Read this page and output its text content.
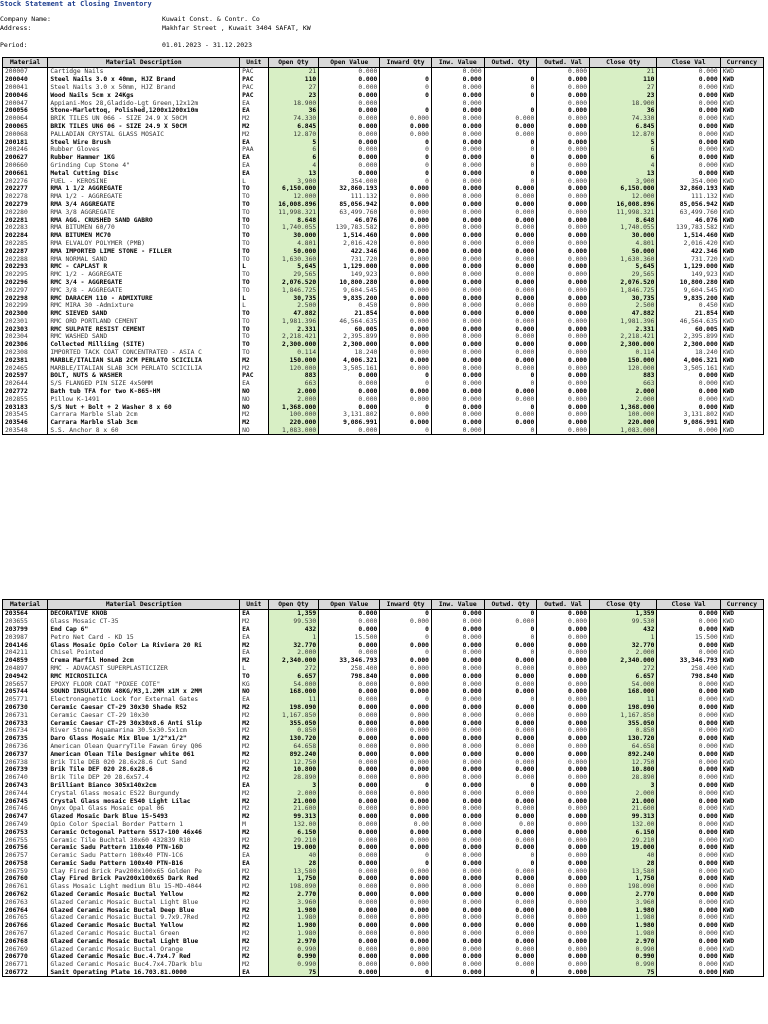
Stock Statement at Closing Inventory
Company Name:	Kuwait Const. & Contr. Co
Address:	Makhfar Street , Kuwait 3404 SAFAT, KW
Period:	01.01.2023 - 31.12.2023
Material	Material Description	Unit	Open Qty	Open Value	Inward Qty	Inw. Value	Outwd. Qty	Outwd. Val	Close Qty	Close Val	Currency
200007	Cartidge Nails	PAC	21	0.000		0.000		0.000	21	0.000	KWD
200040	Steel Nails 3.0 x 40mm, HJZ Brand	PAC	110	0.000	0	0.000	0	0.000	110	0.000	KWD
200041	Steel Nails 3.0 x 50mm, HJZ Brand	PAC	27	0.000	0	0.000	0	0.000	27	0.000	KWD
200046	Wood Nails 5cm x 24Kgs	PAC	23	0.000	0	0.000	0	0.000	23	0.000	KWD
200047	Appiani-Mos 28,Gladido-Lgt Green,12x12m	EA	18.900	0.000		0.000		0.000	18.900	0.000	KWD
200056	Stone-Marlettoq, Polished,1200x1200x10m	EA	36	0.000	0	0.000	0	0.000	36	0.000	KWD
200064	BRIK TILES UN 066 - SIZE 24.9 X 50CM	M2	74.330	0.000	0.000	0.000	0.000	0.000	74.330	0.000	KWD
200065	BRIK TILES UN6 06 - SIZE 24.9 X 50CM	M2	6.845	0.000	0.000	0.000	0.000	0.000	6.845	0.000	KWD
200068	PALLADIAN CRYSTAL GLASS MOSAIC	M2	12.870	0.000	0.000	0.000	0.000	0.000	12.870	0.000	KWD
200181	Steel Wire Brush	EA	5	0.000	0	0.000	0	0.000	5	0.000	KWD
200246	Rubber Gloves	PAA	6	0.000	0	0.000	0	0.000	6	0.000	KWD
200627	Rubber Hammer 1KG	EA	6	0.000	0	0.000	0	0.000	6	0.000	KWD
200660	Grinding Cup Stone 4"	EA	4	0.000	0	0.000	0	0.000	4	0.000	KWD
200661	Metal Cutting Disc	EA	13	0.000	0	0.000	0	0.000	13	0.000	KWD
202276	FUEL - KEROSINE	L	3,900	354.000	0	0.000	0	0.000	3,900	354.000	KWD
202277	RMA 1 1/2 AGGREGATE	TO	6,150.000	32,860.193	0.000	0.000	0.000	0.000	6,150.000	32,860.193	KWD
202278	RMA 1/2 - AGGREGATE	TO	12.000	111.132	0.000	0.000	0.000	0.000	12.000	111.132	KWD
202279	RMA 3/4 AGGREGATE	TO	16,008.896	85,056.942	0.000	0.000	0.000	0.000	16,008.896	85,056.942	KWD
202280	RMA 3/8 AGGREGATE	TO	11,998.321	63,499.760	0.000	0.000	0.000	0.000	11,998.321	63,499.760	KWD
202281	RMA AGG. CRUSHED SAND GABRO	TO	8.648	46.076	0.000	0.000	0.000	0.000	8.648	46.076	KWD
202283	RMA BITUMEN 60/70	TO	1,740.055	139,783.582	0.000	0.000	0.000	0.000	1,740.055	139,783.582	KWD
202284	RMA BITUMEN MC70	TO	30.000	1,514.460	0.000	0.000	0.000	0.000	30.000	1,514.460	KWD
202285	RMA ELVALOY POLYMER (PMB)	TO	4.801	2,016.420	0.000	0.000	0.000	0.000	4.801	2,016.420	KWD
202287	RMA IMPORTED LIME STONE - FILLER	TO	50.000	422.346	0.000	0.000	0.000	0.000	50.000	422.346	KWD
202288	RMA NORMAL SAND	TO	1,630.360	731.720	0.000	0.000	0.000	0.000	1,630.360	731.720	KWD
202293	RMC - CAPLAST R	L	5,645	1,129.000	0.000	0.000	0.000	0.000	5,645	1,129.000	KWD
202295	RMC 1/2 - AGGREGATE	TO	29,565	149,923	0.000	0.000	0.000	0.000	29,565	149,923	KWD
202296	RMC 3/4 - AGGREGATE	TO	2,076.520	10,800.280	0.000	0.000	0.000	0.000	2,076.520	10,800.280	KWD
202297	RMC 3/8 - AGGREGATE	TO	1,846.725	9,604.545	0.000	0.000	0.000	0.000	1,846.725	9,604.545	KWD
202298	RMC DARACEM 110 - ADMIXTURE	L	30,735	9,835.200	0.000	0.000	0.000	0.000	30,735	9,835.200	KWD
202299	RMC MIRA 30 -Admixture	L	2.500	0.450	0.000	0.000	0.000	0.000	2.500	0.450	KWD
202300	RMC SIEVED SAND	TO	47.882	21.854	0.000	0.000	0.000	0.000	47.882	21.854	KWD
202301	RMC ORD PORTLAND CEMENT	TO	1,981.396	46,564.635	0.000	0.000	0.000	0.000	1,981.396	46,564.635	KWD
202303	RMC SULPATE RESIST CEMENT	TO	2.331	60.005	0.000	0.000	0.000	0.000	2.331	60.005	KWD
202304	RMC WASHED SAND	TO	2,218.421	2,395.899	0.000	0.000	0.000	0.000	2,218.421	2,395.899	KWD
202306	Collected Milliing (SITE)	TO	2,300.000	2,300.000	0.000	0.000	0.000	0.000	2,300.000	2,300.000	KWD
202308	IMPORTED TACK COAT CONCENTRATED - ASIA C	TO	0.114	18.240	0.000	0.000	0.000	0.000	0.114	18.240	KWD
202381	MARBLE/ITALIAN SLAB 2CM PERLATO SCICILIA	M2	150.000	4,006.321	0.000	0.000	0.000	0.000	150.000	4,006.321	KWD
202465	MARBLE/ITALIAN SLAB 3CM PERLATO SCICILIA	M2	120.000	3,505.161	0.000	0.000	0.000	0.000	120.000	3,505.161	KWD
202597	BOLT, NUTS & WASHER	PAC	883	0.000	0	0.000	0	0.000	883	0.000	KWD
202644	S/S FLANGED PIN SIZE 4x50MM	EA	663	0.000	0	0.000	0	0.000	663	0.000	KWD
202772	Bath tub TFA for two K-865-HM	NO	2.000	0.000	0.000	0.000	0.000	0.000	2.000	0.000	KWD
202855	Pillow K-1491	NO	2.000	0.000	0.000	0.000	0.000	0.000	2.000	0.000	KWD
203183	S/S Nut + Bolt + 2 Washer 8 x 60	NO	1,368.000	0.000	0	0.000	0	0.000	1,368.000	0.000	KWD
203545	Carrara Marble Slab 2cm	M2	100.000	3,131.802	0.000	0.000	0.000	0.000	100.000	3,131.802	KWD
203546	Carrara Marble Slab 3cm	M2	220.000	9,086.991	0.000	0.000	0.000	0.000	220.000	9,086.991	KWD
203548	S.S. Anchor 8 x 60	NO	1,083.000	0.000	0	0.000	0	0.000	1,083.000	0.000	KWD
Material	Material Description	Unit	Open Qty	Open Value	Inward Qty	Inw. Value	Outwd. Qty	Outwd. Val	Close Qty	Close Val	Currency
203564	DECORATIVE KNOB	EA	1,359	0.000	0	0.000	0	0.000	1,359	0.000	KWD
203655	Glass Mosaic CT-35	M2	99.530	0.000	0.000	0.000	0.000	0.000	99.530	0.000	KWD
203799	End Cap 6"	EA	432	0.000	0	0.000	0	0.000	432	0.000	KWD
203987	Petro Net Card - KD 15	EA	1	15.500	0	0.000	0	0.000	1	15.500	KWD
204146	Glass Mosaic Opio Color La Riviera 20 Ri	M2	32.770	0.000	0.000	0.000	0.000	0.000	32.770	0.000	KWD
204211	Chisel Pointed	EA	2.000	0.000	0	0.000	0	0.000	2.000	0.000	KWD
204859	Crema Marfil Honed 2cm	M2	2,340.000	33,346.793	0.000	0.000	0.000	0.000	2,340.000	33,346.793	KWD
204897	RMC - ADVACAST SUPERPLASTICIZER	L	272	258.400	0.000	0.000	0.000	0.000	272	258.400	KWD
204942	RMC MICROSILICA	TO	6.657	798.840	0.000	0.000	0.000	0.000	6.657	798.840	KWD
205657	EPOXY FLOOR COAT "POXEE COTE"	KG	54.000	0.000	0.000	0.000	0.000	0.000	54.000	0.000	KWD
205744	SOUND INSULATION 48KG/M3,1.2MM x1M x 2MM	NO	168.000	0.000	0.000	0.000	0.000	0.000	168.000	0.000	KWD
205771	Electronagnetic Lock for External Gates	EA	11	0.000	0	0.000	0	0.000	11	0.000	KWD
206730	Ceramic Caesar CT-29 30x30 Shade R52	M2	198.090	0.000	0.000	0.000	0.000	0.000	198.090	0.000	KWD
206731	Ceramic Caesar CT-29 10x30	M2	1,167.850	0.000	0.000	0.000	0.000	0.000	1,167.850	0.000	KWD
206733	Ceramic Caesar CT-29 30x30x8.6 Anti Slip	M2	355.050	0.000	0.000	0.000	0.000	0.000	355.050	0.000	KWD
206734	River Stone Aquamarina 30.5x30.5x1cm	M2	0.850	0.000	0.000	0.000	0.000	0.000	0.850	0.000	KWD
206735	Daro Glass Mosaic Mix Blue 1/2"x1/2"	M2	130.720	0.000	0.000	0.000	0.000	0.000	130.720	0.000	KWD
206736	American Olean QuarryTile Fawan Grey Q06	M2	64.658	0.000	0.000	0.000	0.000	0.000	64.658	0.000	KWD
206737	American Olean Tile Designer white 061	M2	892.240	0.000	0.000	0.000	0.000	0.000	892.240	0.000	KWD
206738	Brik Tile DEB 020 28.6x28.6 Cut Sand	M2	12.750	0.000	0.000	0.000	0.000	0.000	12.750	0.000	KWD
206739	Brik Tile DEF 020 28.6x28.6	M2	10.800	0.000	0.000	0.000	0.000	0.000	10.800	0.000	KWD
206740	Brik Tile DEP 20 28.6x57.4	M2	28.890	0.000	0.000	0.000	0.000	0.000	28.890	0.000	KWD
206743	Brilliant Bianco 305x140x2cm	EA	3	0.000	0	0.000	0	0.000	3	0.000	KWD
206744	Crystal Glass mosaic ES22 Burgundy	M2	2.000	0.000	0.000	0.000	0.000	0.000	2.000	0.000	KWD
206745	Crystal Glass mosaic ES40 Light Lilac	M2	21.000	0.000	0.000	0.000	0.000	0.000	21.000	0.000	KWD
206746	Onyx Opal Glass Mosaic opal 06	M2	21.600	0.000	0.000	0.000	0.000	0.000	21.600	0.000	KWD
206747	Glazed Mosaic Dark Blue 15-5493	M2	99.313	0.000	0.000	0.000	0.000	0.000	99.313	0.000	KWD
206749	Opio Color Special Border Pattern 1	M	132.00	0.000	0.00	0.000	0.00	0.000	132.00	0.000	KWD
206753	Ceramic Octogonal Pattern 5517-100 46x46	M2	6.150	0.000	0.000	0.000	0.000	0.000	6.150	0.000	KWD
206755	Ceramic Tile Buchtal 30x60 432839 R10	M2	29.210	0.000	0.000	0.000	0.000	0.000	29.210	0.000	KWD
206756	Ceramic Sadu Pattern 110x40 PTN-16D	M2	19.000	0.000	0.000	0.000	0.000	0.000	19.000	0.000	KWD
206757	Ceramic Sadu Pattern 100x40 PTN-1C6	EA	40	0.000	0	0.000	0	0.000	40	0.000	KWD
206758	Ceramic Sadu Pattern 100x40 PTN-B16	EA	28	0.000	0	0.000	0	0.000	28	0.000	KWD
206759	Clay Fired Brick Pav200x100x65 Golden Pe	M2	13,580	0.000	0.000	0.000	0.000	0.000	13,580	0.000	KWD
206760	Clay Fired Brick Pav200x100x65 Dark Red	M2	1,750	0.000	0.000	0.000	0.000	0.000	1,750	0.000	KWD
206761	Glass Mosaic Light medium Blu 15-MD-4044	M2	198.090	0.000	0.000	0.000	0.000	0.000	198.090	0.000	KWD
206762	Glazed Ceramic Mosaic Buctal Yellow	M2	2.770	0.000	0.000	0.000	0.000	0.000	2.770	0.000	KWD
206763	Glazed Ceramic Mosaic Buctal Light Blue	M2	3.960	0.000	0.000	0.000	0.000	0.000	3.960	0.000	KWD
206764	Glazed Ceramic Mosaic Buctal Deep Blue	M2	1.980	0.000	0.000	0.000	0.000	0.000	1.980	0.000	KWD
206765	Glazed Ceramic Mosaic Buctal 9.7x9.7Red	M2	1.980	0.000	0.000	0.000	0.000	0.000	1.980	0.000	KWD
206766	Glazed Ceramic Mosaic Buctal Yellow	M2	1.980	0.000	0.000	0.000	0.000	0.000	1.980	0.000	KWD
206767	Glazed Ceramic Mosaic Buctal Green	M2	1.980	0.000	0.000	0.000	0.000	0.000	1.980	0.000	KWD
206768	Glazed Ceramic Mosaic Buctal Light Blue	M2	2.970	0.000	0.000	0.000	0.000	0.000	2.970	0.000	KWD
206769	Glazed Ceramic Mosaic Buctal Orange	M2	0.990	0.000	0.000	0.000	0.000	0.000	0.990	0.000	KWD
206770	Glazed Ceramic Mosaic Buc.4.7x4.7 Red	M2	0.990	0.000	0.000	0.000	0.000	0.000	0.990	0.000	KWD
206771	Glazed Ceramic Mosaic Buc4.7x4.7Dark blu	M2	0.990	0.000	0.000	0.000	0.000	0.000	0.990	0.000	KWD
206772	Sanit Operating Plate 16.703.81.0000	EA	75	0.000	0	0.000	0	0.000	75	0.000	KWD
